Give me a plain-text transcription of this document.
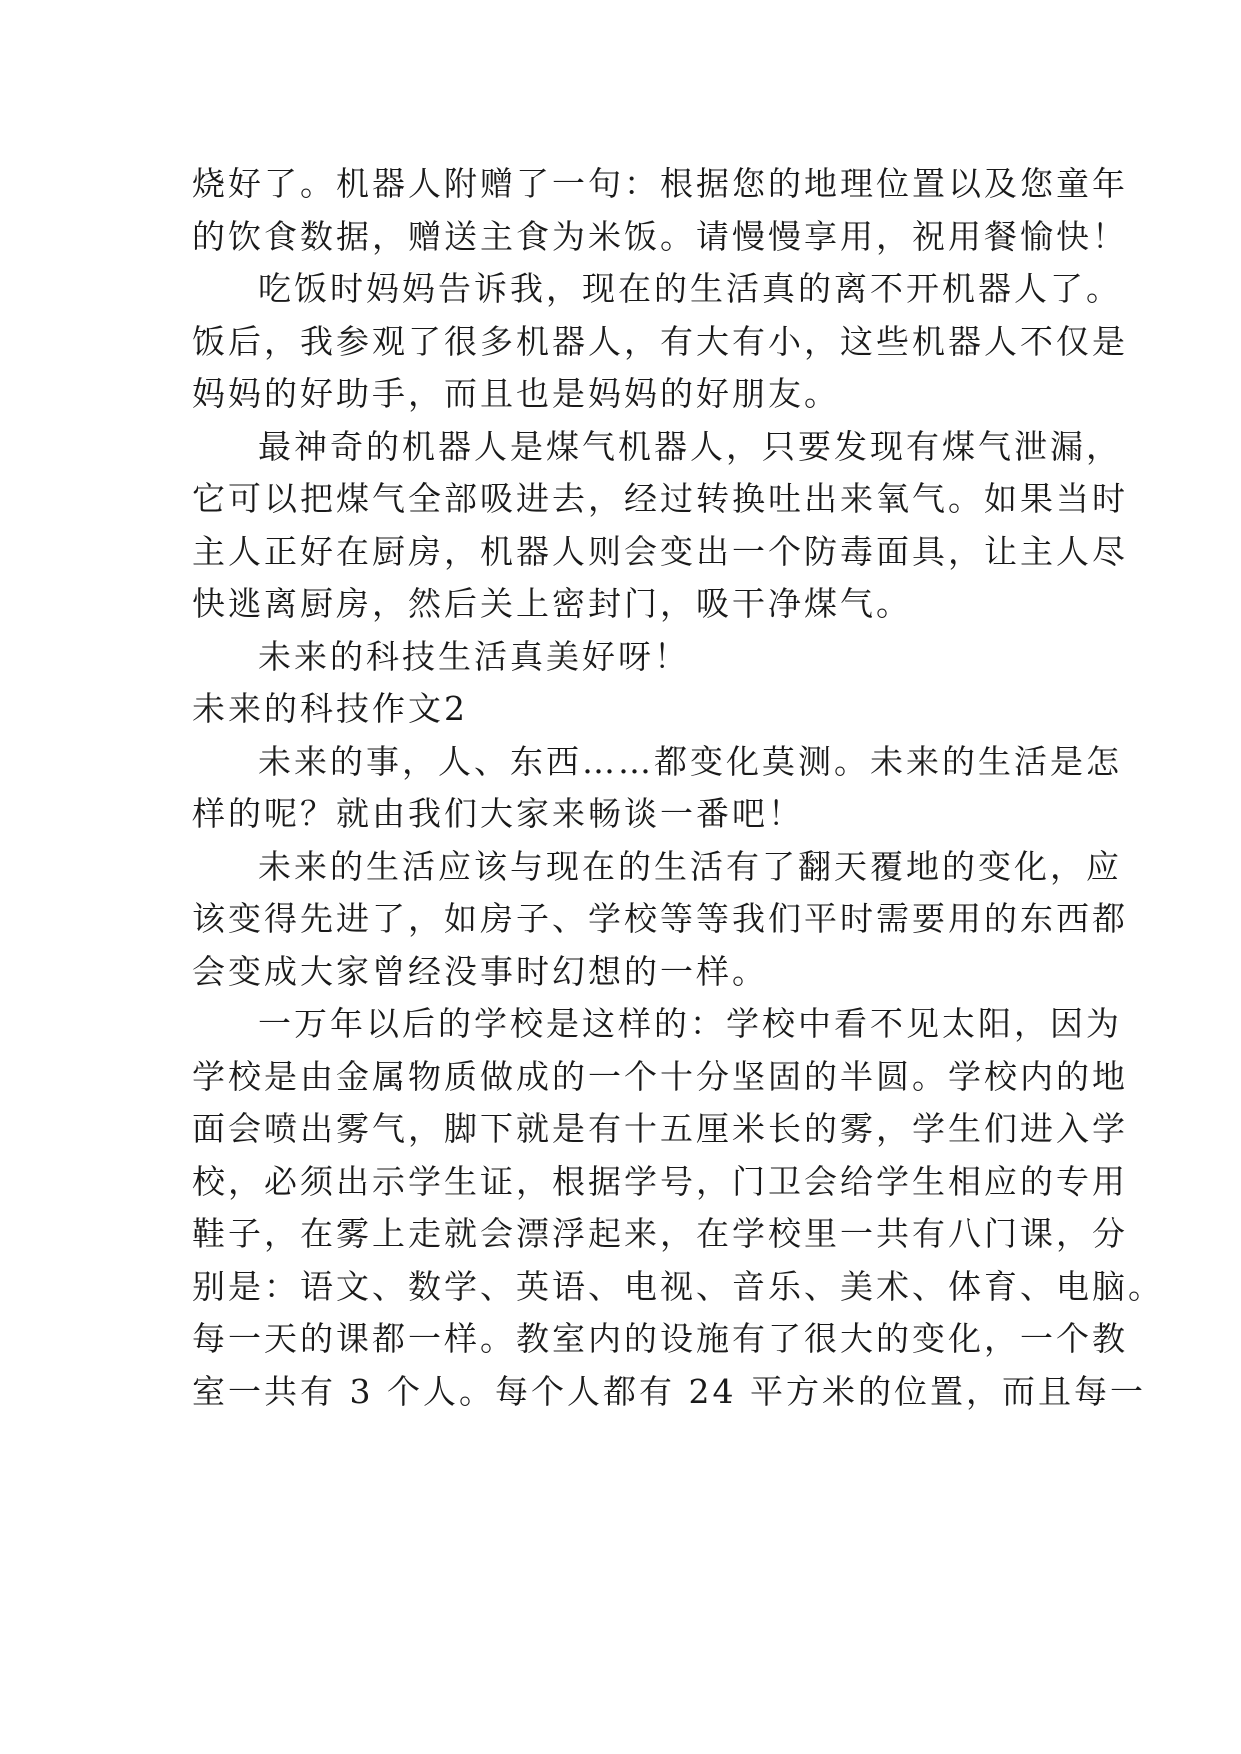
烧好了。机器人附赠了一句：根据您的地理位置以及您童年
的饮食数据，赠送主食为米饭。请慢慢享用，祝用餐愉快！
吃饭时妈妈告诉我，现在的生活真的离不开机器人了。
饭后，我参观了很多机器人，有大有小，这些机器人不仅是
妈妈的好助手，而且也是妈妈的好朋友。
最神奇的机器人是煤气机器人，只要发现有煤气泄漏，
它可以把煤气全部吸进去，经过转换吐出来氧气。如果当时
主人正好在厨房，机器人则会变出一个防毒面具，让主人尽
快逃离厨房，然后关上密封门，吸干净煤气。
未来的科技生活真美好呀！
未来的科技作文2
未来的事，人、东西……都变化莫测。未来的生活是怎
样的呢？就由我们大家来畅谈一番吧！
未来的生活应该与现在的生活有了翻天覆地的变化，应
该变得先进了，如房子、学校等等我们平时需要用的东西都
会变成大家曾经没事时幻想的一样。
一万年以后的学校是这样的：学校中看不见太阳，因为
学校是由金属物质做成的一个十分坚固的半圆。学校内的地
面会喷出雾气，脚下就是有十五厘米长的雾，学生们进入学
校，必须出示学生证，根据学号，门卫会给学生相应的专用
鞋子，在雾上走就会漂浮起来，在学校里一共有八门课，分
别是：语文、数学、英语、电视、音乐、美术、体育、电脑。
每一天的课都一样。教室内的设施有了很大的变化，一个教
室一共有 3 个人。每个人都有 24 平方米的位置，而且每一
